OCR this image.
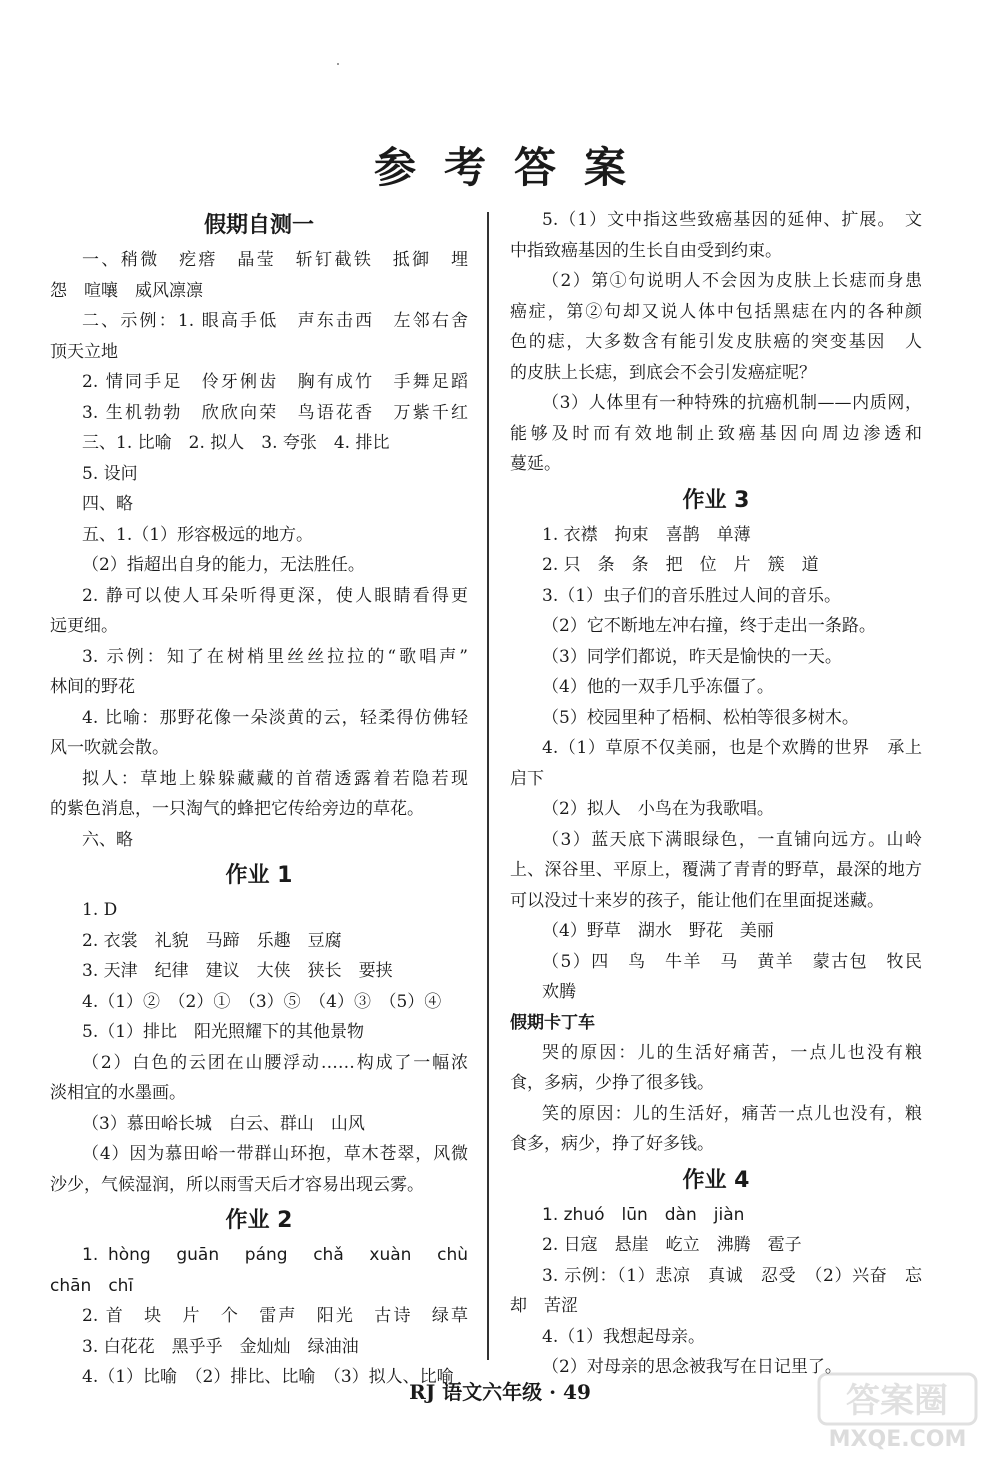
参考答案
假期自测一
一、稍微　疙瘩　晶莹　斩钉截铁　抵御　埋
怨　喧嚷　威风凛凛
二、示例：1. 眼高手低　声东击西　左邻右舍
顶天立地
2. 情同手足　伶牙俐齿　胸有成竹　手舞足蹈
3. 生机勃勃　欣欣向荣　鸟语花香　万紫千红
三、1. 比喻　2. 拟人　3. 夸张　4. 排比
5. 设问
四、略
五、1.（1）形容极远的地方。
（2）指超出自身的能力，无法胜任。
2. 静可以使人耳朵听得更深，使人眼睛看得更
远更细。
3. 示例：知了在树梢里丝丝拉拉的“歌唱声”
林间的野花
4. 比喻：那野花像一朵淡黄的云，轻柔得仿佛轻
风一吹就会散。
拟人：草地上躲躲藏藏的首蓿透露着若隐若现
的紫色消息，一只淘气的蜂把它传给旁边的草花。
六、略
作业 1
1. D
2. 衣裳　礼貌　马蹄　乐趣　豆腐
3. 天津　纪律　建议　大侠　狭长　要挟
4.（1）②　（2）①　（3）⑤　（4）③　（5）④
5.（1）排比　阳光照耀下的其他景物
（2）白色的云团在山腰浮动……构成了一幅浓
淡相宜的水墨画。
（3）慕田峪长城　白云、群山　山风
（4）因为慕田峪一带群山环抱，草木苍翠，风微
沙少，气候湿润，所以雨雪天后才容易出现云雾。
作业 2
1. hòng　guān　páng　chǎ　xuàn　chù
chān　chī
2. 首　块　片　个　雷声　阳光　古诗　绿草
3. 白花花　黑乎乎　金灿灿　绿油油
4.（1）比喻　（2）排比、比喻　（3）拟人、比喻
5.（1）文中指这些致癌基因的延伸、扩展。　文
中指致癌基因的生长自由受到约束。
（2）第①句说明人不会因为皮肤上长痣而身患
癌症，第②句却又说人体中包括黑痣在内的各种颜
色的痣，大多数含有能引发皮肤癌的突变基因　人
的皮肤上长痣，到底会不会引发癌症呢？
（3）人体里有一种特殊的抗癌机制——内质网，
能够及时而有效地制止致癌基因向周边渗透和
蔓延。
作业 3
1. 衣襟　拘束　喜鹊　单薄
2. 只　条　条　把　位　片　簇　道
3.（1）虫子们的音乐胜过人间的音乐。
（2）它不断地左冲右撞，终于走出一条路。
（3）同学们都说，昨天是愉快的一天。
（4）他的一双手几乎冻僵了。
（5）校园里种了梧桐、松柏等很多树木。
4.（1）草原不仅美丽，也是个欢腾的世界　承上
启下
（2）拟人　小鸟在为我歌唱。
（3）蓝天底下满眼绿色，一直铺向远方。山岭
上、深谷里、平原上，覆满了青青的野草，最深的地方
可以没过十来岁的孩子，能让他们在里面捉迷藏。
（4）野草　湖水　野花　美丽
（5）四　鸟　牛羊　马　黄羊　蒙古包　牧民
欢腾
假期卡丁车
哭的原因：儿的生活好痛苦，一点儿也没有粮
食，多病，少挣了很多钱。
笑的原因：儿的生活好，痛苦一点儿也没有，粮
食多，病少，挣了好多钱。
作业 4
1. zhuó　lūn　dàn　jiàn
2. 日寇　悬崖　屹立　沸腾　雹子
3. 示例：（1）悲凉　真诚　忍受　（2）兴奋　忘
却　苦涩
4.（1）我想起母亲。
（2）对母亲的思念被我写在日记里了。
RJ 语文六年级 · 49	答案圈
MXQE.COM
